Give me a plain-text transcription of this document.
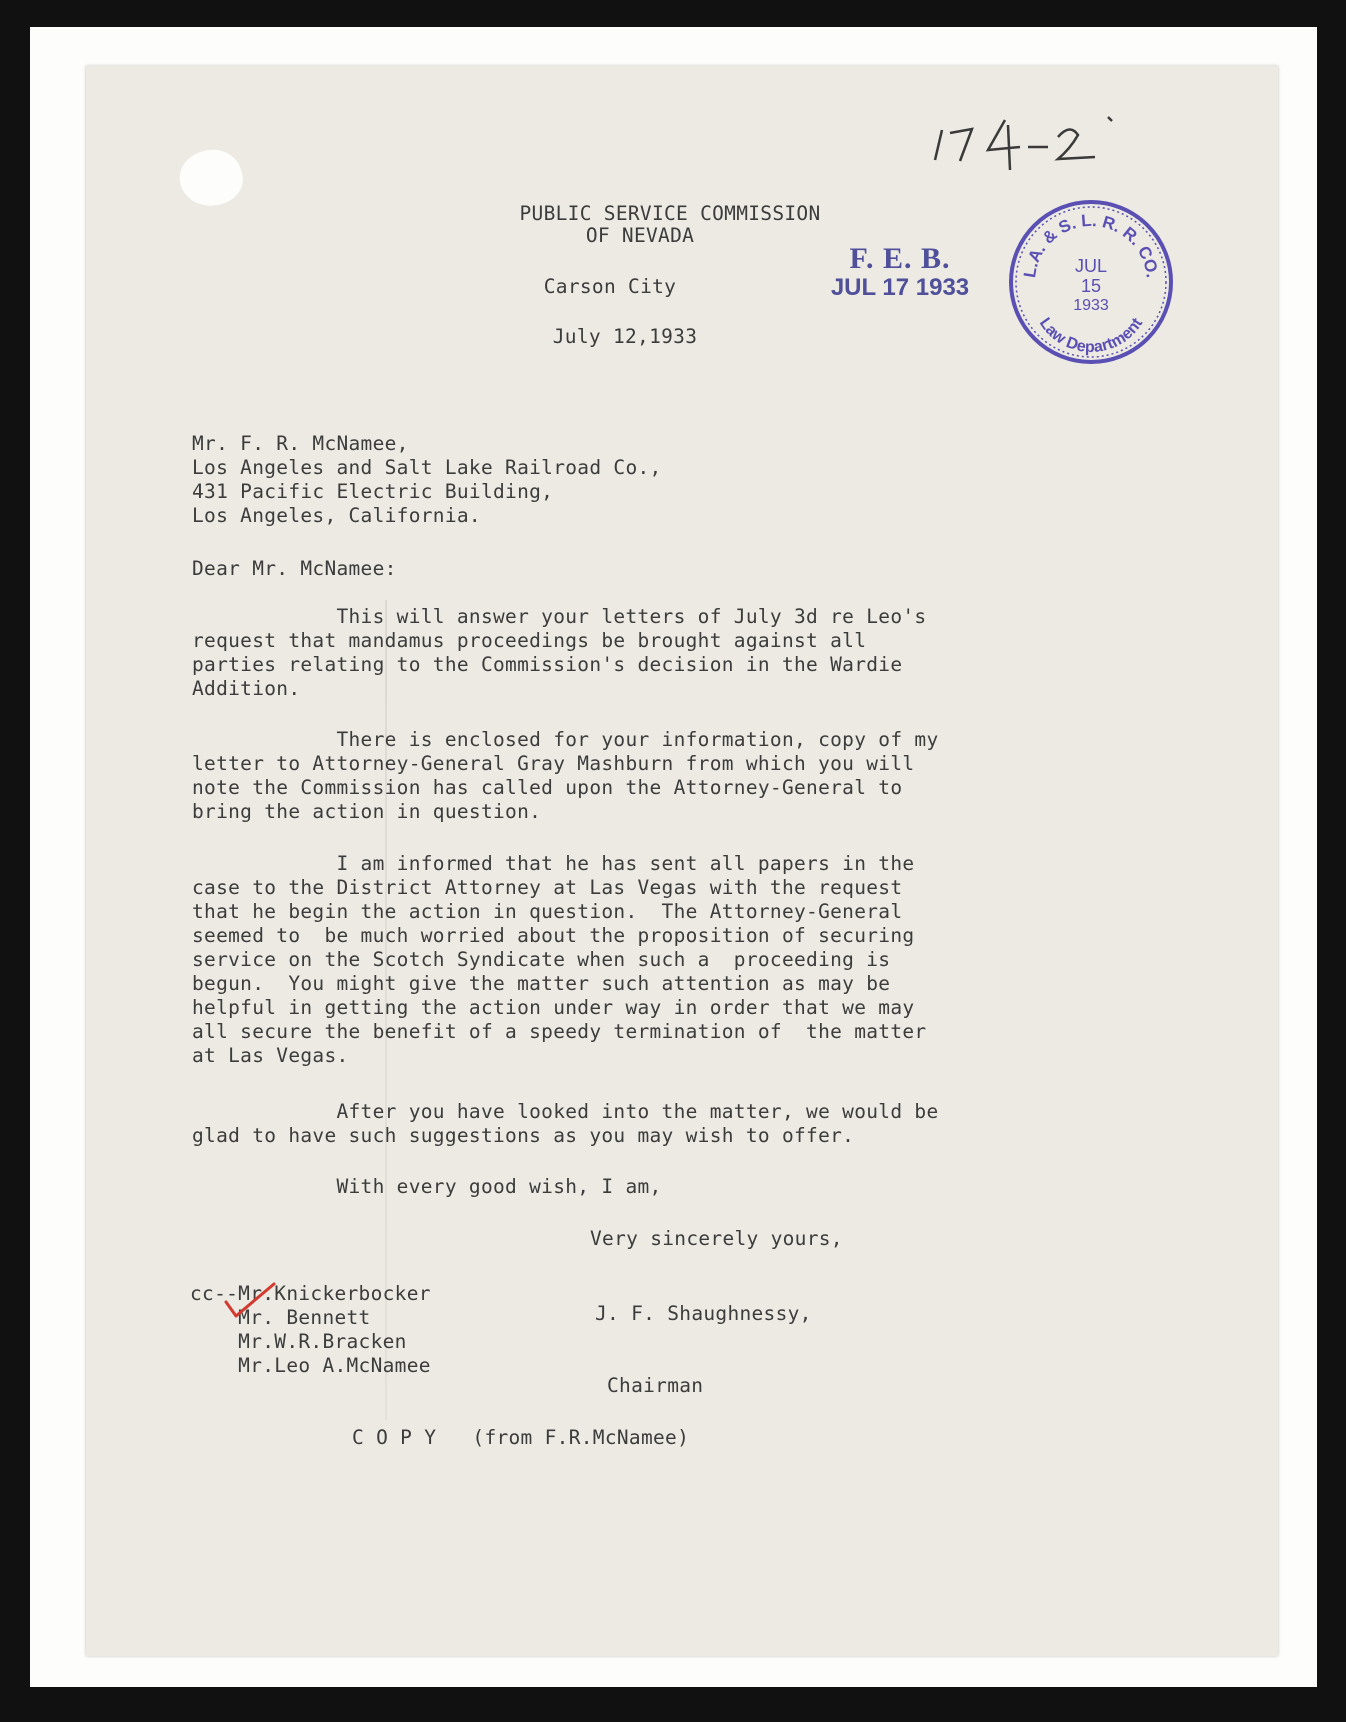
PUBLIC SERVICE COMMISSION
OF NEVADA
Carson City
July 12,1933
F. E. B.
JUL 17 1933
L.A. & S. L. R. R. CO.
Law Department
JUL
15
1933
Mr. F. R. McNamee,
Los Angeles and Salt Lake Railroad Co.,
431 Pacific Electric Building,
Los Angeles, California.
Dear Mr. McNamee:
This will answer your letters of July 3d re Leo's
request that mandamus proceedings be brought against all
parties relating to the Commission's decision in the Wardie
Addition.
There is enclosed for your information, copy of my
letter to Attorney-General Gray Mashburn from which you will
note the Commission has called upon the Attorney-General to
bring the action in question.
I am informed that he has sent all papers in the
case to the District Attorney at Las Vegas with the request
that he begin the action in question.  The Attorney-General
seemed to  be much worried about the proposition of securing
service on the Scotch Syndicate when such a  proceeding is
begun.  You might give the matter such attention as may be
helpful in getting the action under way in order that we may
all secure the benefit of a speedy termination of  the matter
at Las Vegas.
After you have looked into the matter, we would be
glad to have such suggestions as you may wish to offer.
With every good wish, I am,
Very sincerely yours,
J. F. Shaughnessy,
Chairman
cc--Mr.Knickerbocker
Mr. Bennett
Mr.W.R.Bracken
Mr.Leo A.McNamee
C O P Y   (from F.R.McNamee)
